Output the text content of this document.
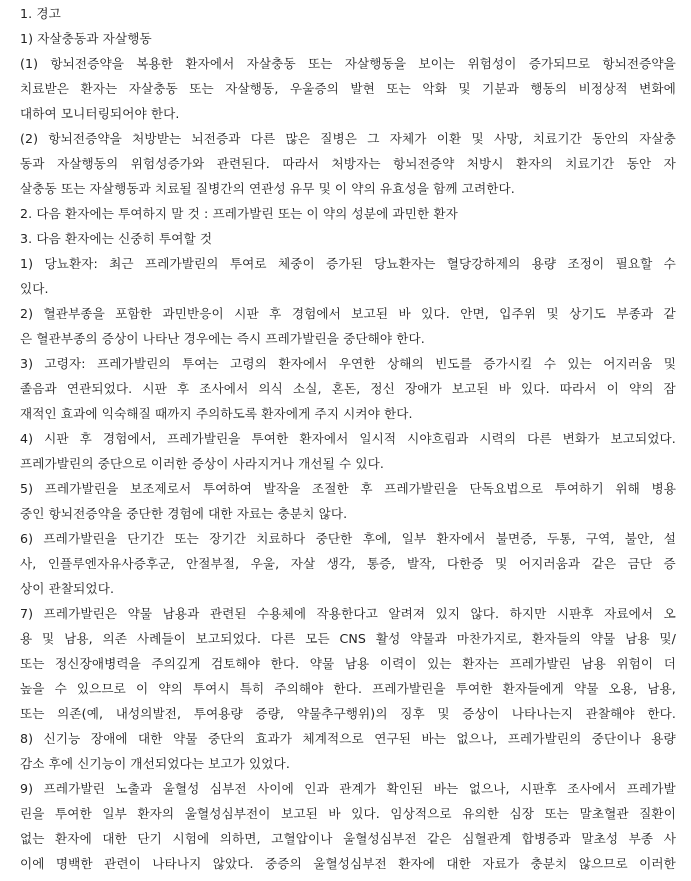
1. 경고
1) 자살충동과 자살행동
(1) 항뇌전증약을 복용한 환자에서 자살충동 또는 자살행동을 보이는 위험성이 증가되므로 항뇌전증약을
치료받은 환자는 자살충동 또는 자살행동, 우울증의 발현 또는 악화 및 기분과 행동의 비정상적 변화에
대하여 모니터링되어야 한다.
(2) 항뇌전증약을 처방받는 뇌전증과 다른 많은 질병은 그 자체가 이환 및 사망, 치료기간 동안의 자살충
동과 자살행동의 위험성증가와 관련된다. 따라서 처방자는 항뇌전증약 처방시 환자의 치료기간 동안 자
살충동 또는 자살행동과 치료될 질병간의 연관성 유무 및 이 약의 유효성을 함께 고려한다.
2. 다음 환자에는 투여하지 말 것 : 프레가발린 또는 이 약의 성분에 과민한 환자
3. 다음 환자에는 신중히 투여할 것
1) 당뇨환자: 최근 프레가발린의 투여로 체중이 증가된 당뇨환자는 혈당강하제의 용량 조정이 필요할 수
있다.
2) 혈관부종을 포함한 과민반응이 시판 후 경험에서 보고된 바 있다. 안면, 입주위 및 상기도 부종과 같
은 혈관부종의 증상이 나타난 경우에는 즉시 프레가발린을 중단해야 한다.
3) 고령자: 프레가발린의 투여는 고령의 환자에서 우연한 상해의 빈도를 증가시킬 수 있는 어지러움 및
졸음과 연관되었다. 시판 후 조사에서 의식 소실, 혼돈, 정신 장애가 보고된 바 있다. 따라서 이 약의 잠
재적인 효과에 익숙해질 때까지 주의하도록 환자에게 주지 시켜야 한다.
4) 시판 후 경험에서, 프레가발린을 투여한 환자에서 일시적 시야흐림과 시력의 다른 변화가 보고되었다.
프레가발린의 중단으로 이러한 증상이 사라지거나 개선될 수 있다.
5) 프레가발린을 보조제로서 투여하여 발작을 조절한 후 프레가발린을 단독요법으로 투여하기 위해 병용
중인 항뇌전증약을 중단한 경험에 대한 자료는 충분치 않다.
6) 프레가발린을 단기간 또는 장기간 치료하다 중단한 후에, 일부 환자에서 불면증, 두통, 구역, 불안, 설
사, 인플루엔자유사증후군, 안절부절, 우울, 자살 생각, 통증, 발작, 다한증 및 어지러움과 같은 금단 증
상이 관찰되었다.
7) 프레가발린은 약물 남용과 관련된 수용체에 작용한다고 알려져 있지 않다. 하지만 시판후 자료에서 오
용 및 남용, 의존 사례들이 보고되었다. 다른 모든 CNS 활성 약물과 마찬가지로, 환자들의 약물 남용 및/
또는 정신장애병력을 주의깊게 검토해야 한다. 약물 남용 이력이 있는 환자는 프레가발린 남용 위험이 더
높을 수 있으므로 이 약의 투여시 특히 주의해야 한다. 프레가발린을 투여한 환자들에게 약물 오용, 남용,
또는 의존(예, 내성의발전, 투여용량 증량, 약물추구행위)의 징후 및 증상이 나타나는지 관찰해야 한다.
8) 신기능 장애에 대한 약물 중단의 효과가 체계적으로 연구된 바는 없으나, 프레가발린의 중단이나 용량
감소 후에 신기능이 개선되었다는 보고가 있었다.
9) 프레가발린 노출과 울혈성 심부전 사이에 인과 관계가 확인된 바는 없으나, 시판후 조사에서 프레가발
린을 투여한 일부 환자의 울혈성심부전이 보고된 바 있다. 임상적으로 유의한 심장 또는 말초혈관 질환이
없는 환자에 대한 단기 시험에 의하면, 고혈압이나 울혈성심부전 같은 심혈관계 합병증과 말초성 부종 사
이에 명백한 관련이 나타나지 않았다. 중증의 울혈성심부전 환자에 대한 자료가 충분치 않으므로 이러한
